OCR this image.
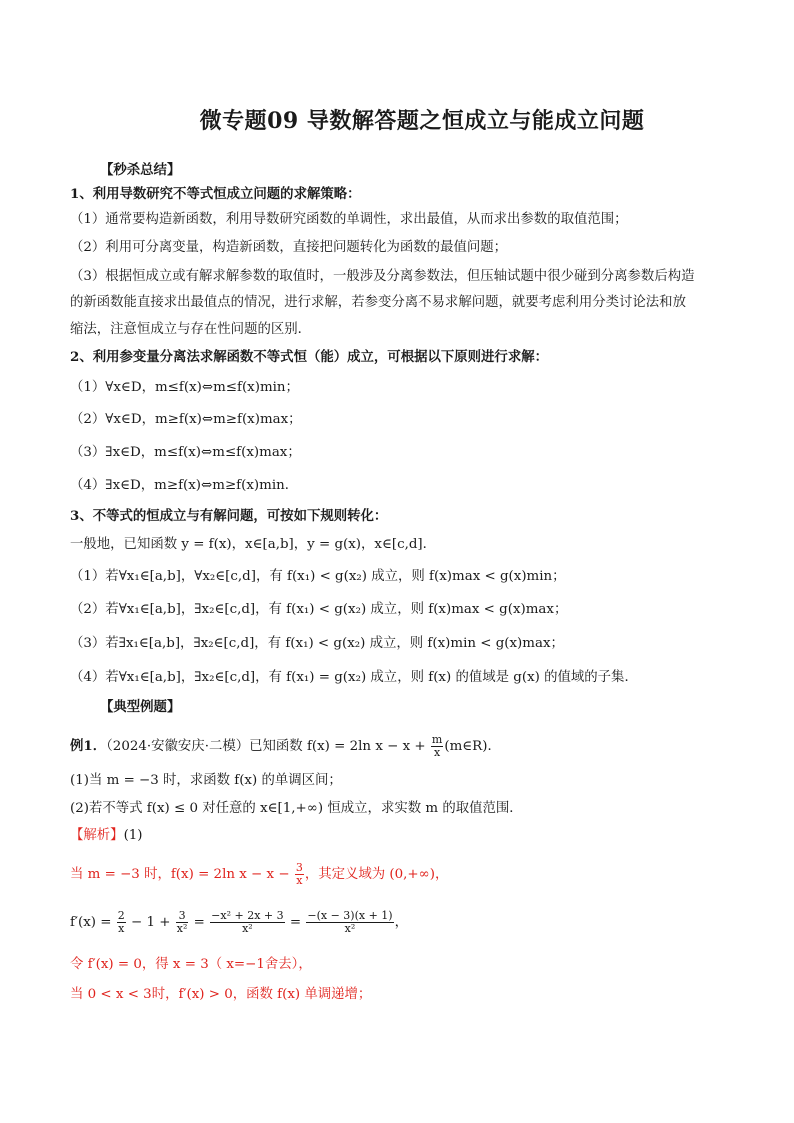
微专题09 导数解答题之恒成立与能成立问题
【秒杀总结】
1、利用导数研究不等式恒成立问题的求解策略：
（1）通常要构造新函数，利用导数研究函数的单调性，求出最值，从而求出参数的取值范围；
（2）利用可分离变量，构造新函数，直接把问题转化为函数的最值问题；
（3）根据恒成立或有解求解参数的取值时，一般涉及分离参数法，但压轴试题中很少碰到分离参数后构造
的新函数能直接求出最值点的情况，进行求解，若参变分离不易求解问题，就要考虑利用分类讨论法和放
缩法，注意恒成立与存在性问题的区别．
2、利用参变量分离法求解函数不等式恒（能）成立，可根据以下原则进行求解：
（1）∀x∈D，m≤f(x)⇔m≤f(x)min；
（2）∀x∈D，m≥f(x)⇔m≥f(x)max；
（3）∃x∈D，m≤f(x)⇔m≤f(x)max；
（4）∃x∈D，m≥f(x)⇔m≥f(x)min．
3、不等式的恒成立与有解问题，可按如下规则转化：
一般地，已知函数 y = f(x)，x∈[a,b]，y = g(x)，x∈[c,d]．
（1）若∀x₁∈[a,b]，∀x₂∈[c,d]，有 f(x₁) < g(x₂) 成立，则 f(x)max < g(x)min；
（2）若∀x₁∈[a,b]，∃x₂∈[c,d]，有 f(x₁) < g(x₂) 成立，则 f(x)max < g(x)max；
（3）若∃x₁∈[a,b]，∃x₂∈[c,d]，有 f(x₁) < g(x₂) 成立，则 f(x)min < g(x)max；
（4）若∀x₁∈[a,b]，∃x₂∈[c,d]，有 f(x₁) = g(x₂) 成立，则 f(x) 的值域是 g(x) 的值域的子集．
【典型例题】
例1．（2024·安徽安庆·二模）已知函数 f(x) = 2ln $x - x + \frac{m}{x}$ (m∈R)．
(1)当 m = −3 时，求函数 f(x) 的单调区间；
(2)若不等式 f(x) ≤ 0 对任意的 x∈[1,+∞) 恒成立，求实数 m 的取值范围．
【解析】(1)
当 m = −3 时，f(x) = 2ln $x - x - \frac{3}{x}$ ，其定义域为 (0,+∞)，
$f'(x) = \frac{2}{x} - 1 + \frac{3}{\text{x²}} = \frac{\text{−x² + 2x + 3}}{\text{x²}} = \frac{-(x - 3)(x + 1)}{\text{x²}}$ ，
令 f′(x) = 0，得 x = 3（ x=−1舍去），
当 0 < x < 3时，f′(x) > 0，函数 f(x) 单调递增；
